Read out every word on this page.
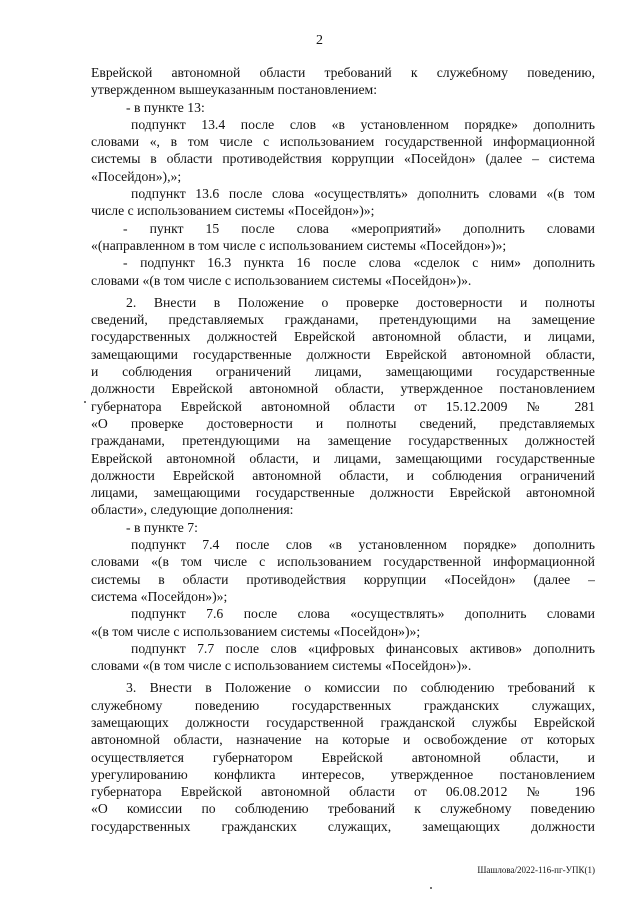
2
Еврейской автономной области требований к служебному поведению,
утвержденном вышеуказанным постановлением:
- в пункте 13:
подпункт 13.4 после слов «в установленном порядке» дополнить
словами «, в том числе с использованием государственной информационной
системы в области противодействия коррупции «Посейдон» (далее – система
«Посейдон»),»;
подпункт 13.6 после слова «осуществлять» дополнить словами «(в том
числе с использованием системы «Посейдон»)»;
- пункт 15 после слова «мероприятий» дополнить словами
«(направленном в том числе с использованием системы «Посейдон»)»;
- подпункт 16.3 пункта 16 после слова «сделок с ним» дополнить
словами «(в том числе с использованием системы «Посейдон»)».
2. Внести в Положение о проверке достоверности и полноты
сведений, представляемых гражданами, претендующими на замещение
государственных должностей Еврейской автономной области, и лицами,
замещающими государственные должности Еврейской автономной области,
и соблюдения ограничений лицами, замещающими государственные
должности Еврейской автономной области, утвержденное постановлением
губернатора Еврейской автономной области от 15.12.2009 № 281
«О проверке достоверности и полноты сведений, представляемых
гражданами, претендующими на замещение государственных должностей
Еврейской автономной области, и лицами, замещающими государственные
должности Еврейской автономной области, и соблюдения ограничений
лицами, замещающими государственные должности Еврейской автономной
области», следующие дополнения:
- в пункте 7:
подпункт 7.4 после слов «в установленном порядке» дополнить
словами «(в том числе с использованием государственной информационной
системы в области противодействия коррупции «Посейдон» (далее –
система «Посейдон»)»;
подпункт 7.6 после слова «осуществлять» дополнить словами
«(в том числе с использованием системы «Посейдон»)»;
подпункт 7.7 после слов «цифровых финансовых активов» дополнить
словами «(в том числе с использованием системы «Посейдон»)».
3. Внести в Положение о комиссии по соблюдению требований к
служебному поведению государственных гражданских служащих,
замещающих должности государственной гражданской службы Еврейской
автономной области, назначение на которые и освобождение от которых
осуществляется губернатором Еврейской автономной области, и
урегулированию конфликта интересов, утвержденное постановлением
губернатора Еврейской автономной области от 06.08.2012 № 196
«О комиссии по соблюдению требований к служебному поведению
государственных гражданских служащих, замещающих должности
Шашлова/2022-116-пг-УПК(1)
